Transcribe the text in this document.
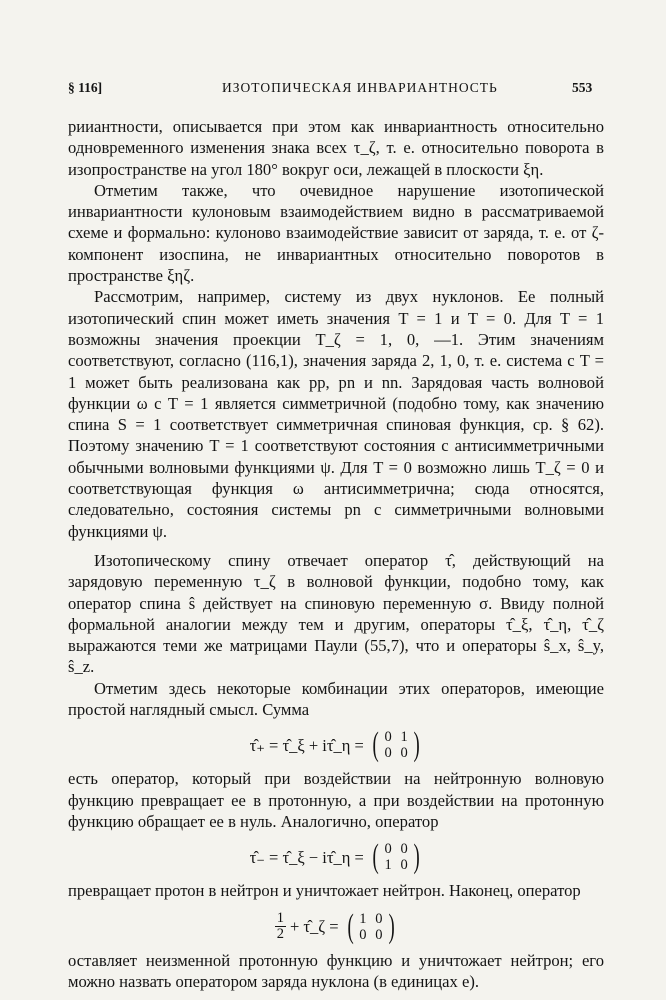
§ 116]	ИЗОТОПИЧЕСКАЯ ИНВАРИАНТНОСТЬ	553

рииантности, описывается при этом как инвариантность относительно одновременного изменения знака всех τ_ζ, т. е. относительно поворота в изопространстве на угол 180° вокруг оси, лежащей в плоскости ξη.

Отметим также, что очевидное нарушение изотопической инвариантности кулоновым взаимодействием видно в рассматриваемой схеме и формально: кулоново взаимодействие зависит от заряда, т. е. от ζ-компонент изоспина, не инвариантных относительно поворотов в пространстве ξηζ.

Рассмотрим, например, систему из двух нуклонов. Ее полный изотопический спин может иметь значения T = 1 и T = 0. Для T = 1 возможны значения проекции T_ζ = 1, 0, —1. Этим значениям соответствуют, согласно (116,1), значения заряда 2, 1, 0, т. е. система с T = 1 может быть реализована как pp, pn и nn. Зарядовая часть волновой функции ω с T = 1 является симметричной (подобно тому, как значению спина S = 1 соответствует симметричная спиновая функция, ср. § 62). Поэтому значению T = 1 соответствуют состояния с антисимметричными обычными волновыми функциями ψ. Для T = 0 возможно лишь T_ζ = 0 и соответствующая функция ω антисимметрична; сюда относятся, следовательно, состояния системы pn с симметричными волновыми функциями ψ.

Изотопическому спину отвечает оператор τ̂, действующий на зарядовую переменную τ_ζ в волновой функции, подобно тому, как оператор спина ŝ действует на спиновую переменную σ. Ввиду полной формальной аналогии между тем и другим, операторы τ̂_ξ, τ̂_η, τ̂_ζ выражаются теми же матрицами Паули (55,7), что и операторы ŝ_x, ŝ_y, ŝ_z.

Отметим здесь некоторые комбинации этих операторов, имеющие простой наглядный смысл. Сумма

τ̂₊ = τ̂_ξ + iτ̂_η = ( 0 1
0 0 )

есть оператор, который при воздействии на нейтронную волновую функцию превращает ее в протонную, а при воздействии на протонную функцию обращает ее в нуль. Аналогично, оператор

τ̂₋ = τ̂_ξ − iτ̂_η = ( 0 0
1 0 )

превращает протон в нейтрон и уничтожает нейтрон. Наконец, оператор

$\frac{1}{2}$ + τ̂_ζ = ( 1 0
0 0 )

оставляет неизменной протонную функцию и уничтожает нейтрон; его можно назвать оператором заряда нуклона (в единицах e).
